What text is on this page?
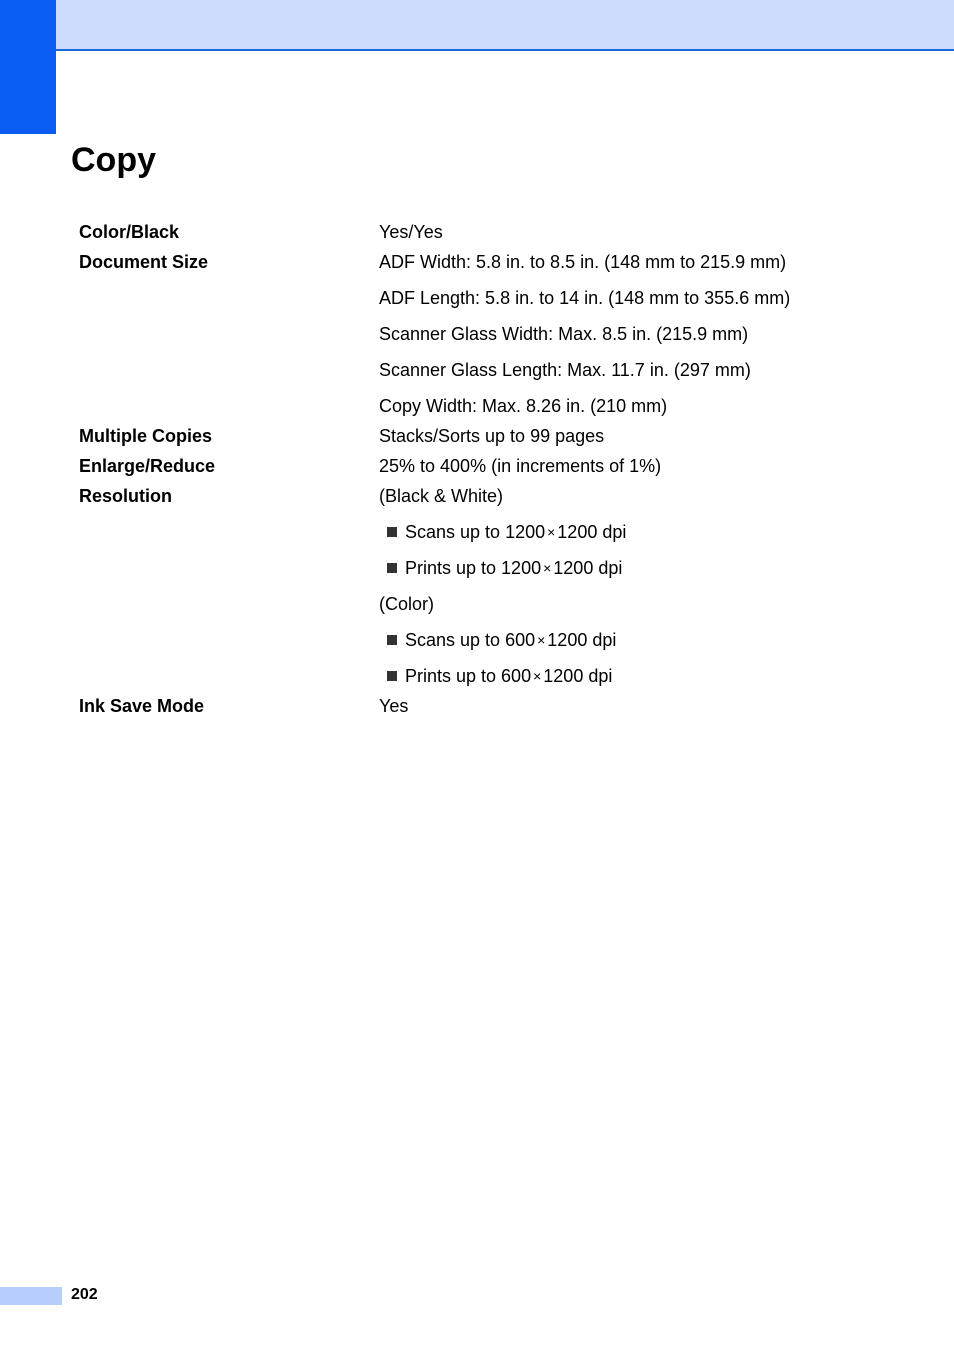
Copy
Color/Black	Yes/Yes
Document Size	ADF Width: 5.8 in. to 8.5 in. (148 mm to 215.9 mm)
ADF Length: 5.8 in. to 14 in. (148 mm to 355.6 mm)
Scanner Glass Width: Max. 8.5 in. (215.9 mm)
Scanner Glass Length: Max. 11.7 in. (297 mm)
Copy Width: Max. 8.26 in. (210 mm)
Multiple Copies	Stacks/Sorts up to 99 pages
Enlarge/Reduce	25% to 400% (in increments of 1%)
Resolution	(Black & White)
Scans up to 1200 × 1200 dpi
Prints up to 1200 × 1200 dpi
(Color)
Scans up to 600 × 1200 dpi
Prints up to 600 × 1200 dpi
Ink Save Mode	Yes
202
